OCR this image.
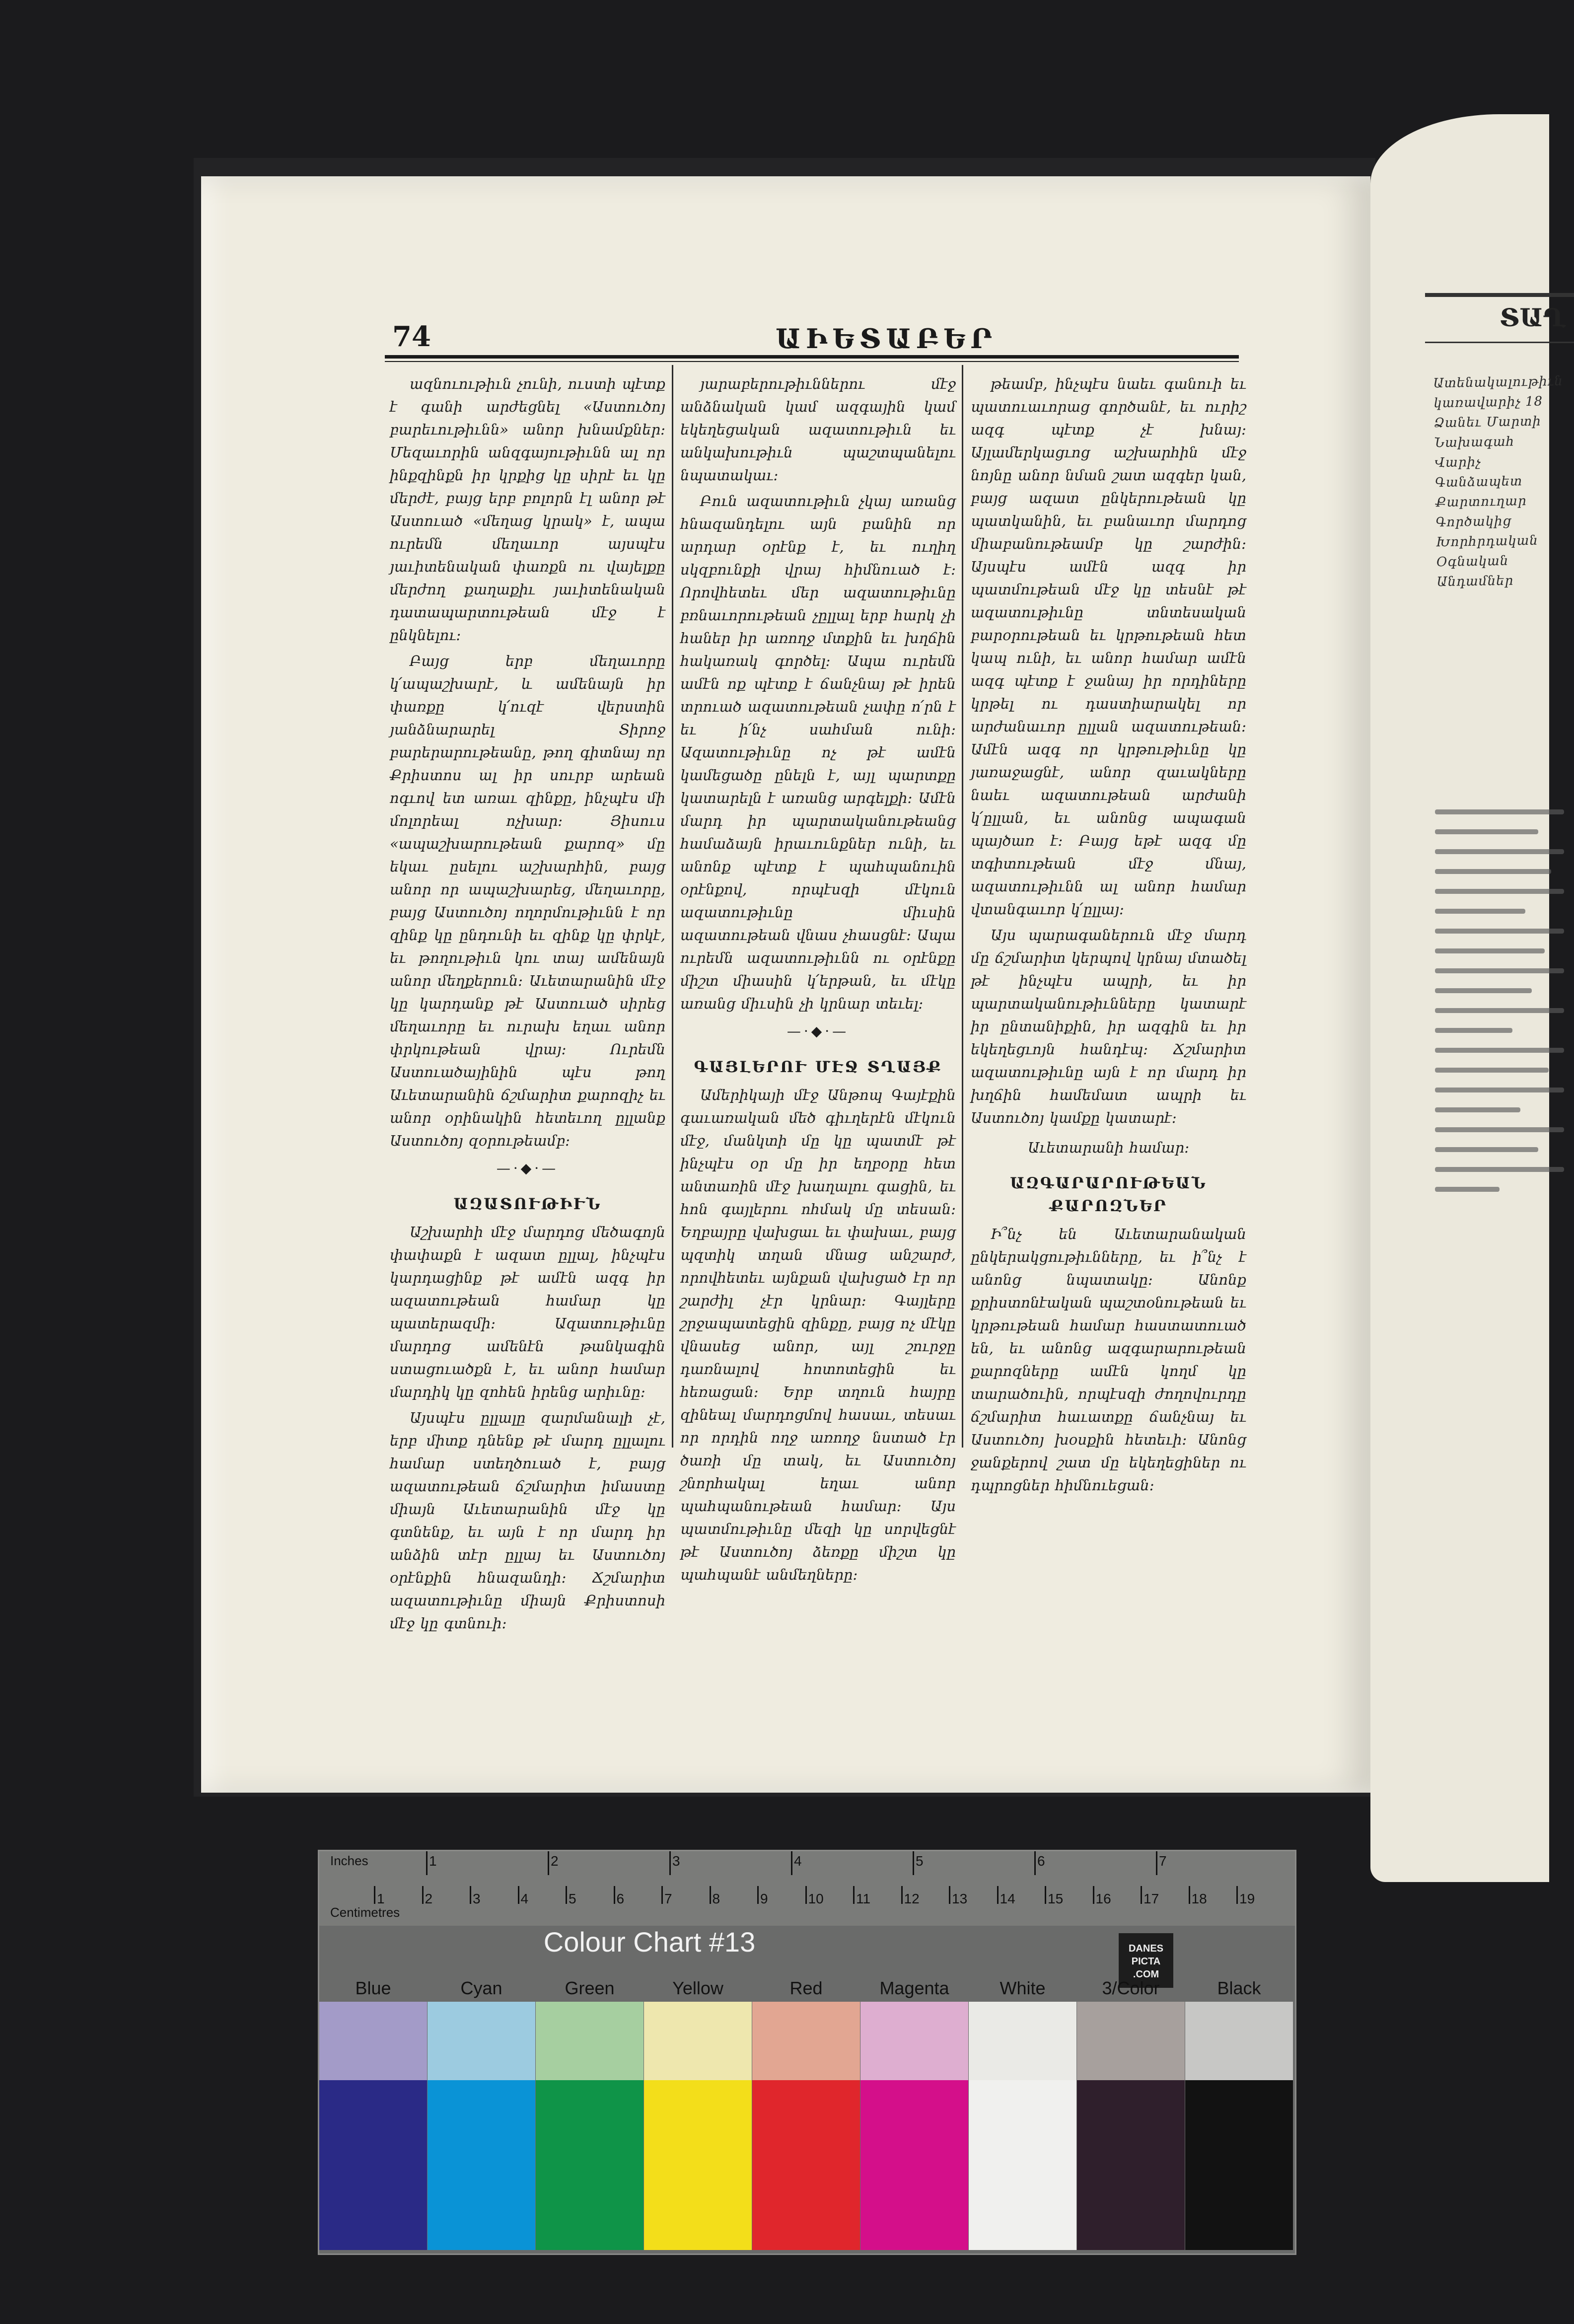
ՏԱՂ
Ատենակալութիւն կառավարիչ 18 Ձանեւ Մարտի Նախագահ Վարիչ Գանձապետ Քարտուղար Գործակից Խորհրդական Օգնական Անդամներ
74	ԱԻԵՏԱԲԵՐ

ազնուութիւն չունի, ուստի պէտք է գանի արժեցնել «Աստուծոյ բարեւութիւնն» անոր խնամքներ։ Մեզաւորին անզգայութիւնն ալ որ ինքզինքն իր կրքից կը սիրէ եւ կը մերժէ, բայց երբ բոլորն էլ անոր թէ Աստուած «մեղաց կրակ» է, ապա ուրեմն մեղաւոր այսպէս յաւիտենական փառքն ու վայելքը մերժող քաղաքիւ յաւիտենական դատապարտութեան մէջ է ընկնելու։

Բայց երբ մեղաւորը կ՛ապաշխարէ, և ամենայն իր փառքը կ՛ուզէ վերստին յանձնարարել Տիրոջ բարերարութեանը, թող գիտնայ որ Քրիստոս ալ իր սուրբ արեան ոգւով ետ առաւ զինքը, ինչպէս մի մոլորեալ ոչխար։ Յիսուս «ապաշխարութեան քարոզ» մը եկաւ ըսելու աշխարհին, բայց անոր որ ապաշխարեց, մեղաւորը, բայց Աստուծոյ ողորմութիւնն է որ զինք կը ընդունի եւ զինք կը փրկէ, եւ թողութիւն կու տայ ամենայն անոր մեղքերուն։ Աւետարանին մէջ կը կարդանք թէ Աստուած սիրեց մեղաւորը եւ ուրախ եղաւ անոր փրկութեան վրայ։ Ուրեմն Աստուածայինին պէս թող Աւետարանին ճշմարիտ քարոզիչ եւ անոր օրինակին հետեւող ըլլանք Աստուծոյ զօրութեամբ։

—·◆·—
ԱԶԱՏՈՒԹԻՒՆ

Աշխարհի մէջ մարդոց մեծագոյն փափաքն է ազատ ըլլալ, ինչպէս կարդացինք թէ ամէն ազգ իր ազատութեան համար կը պատերազմի։ Ազատութիւնը մարդոց ամենէն թանկագին ստացուածքն է, եւ անոր համար մարդիկ կը զոհեն իրենց արիւնը։

Այսպէս ըլլալը զարմանալի չէ, երբ միտք դնենք թէ մարդ ըլլալու համար ստեղծուած է, բայց ազատութեան ճշմարիտ իմաստը միայն Աւետարանին մէջ կը գտնենք, եւ այն է որ մարդ իր անձին տէր ըլլայ եւ Աստուծոյ օրէնքին հնազանդի։ Ճշմարիտ ազատութիւնը միայն Քրիստոսի մէջ կը գտնուի։

յարաբերութիւններու մէջ անձնական կամ ազգային կամ եկեղեցական ազատութիւն եւ անկախութիւն պաշտպանելու նպատակաւ։

Բուն ազատութիւն չկայ առանց հնազանդելու այն բանին որ արդար օրէնք է, եւ ուղիղ սկզբունքի վրայ հիմնուած է։ Որովհետեւ մեր ազատութիւնը բռնաւորութեան չըլլալ երբ հարկ չի հաներ իր առողջ մտքին եւ խղճին հակառակ գործել։ Ապա ուրեմն ամէն ոք պէտք է ճանչնայ թէ իրեն տրուած ազատութեան չափը ո՛րն է եւ ի՛նչ սահման ունի։ Ազատութիւնը ոչ թէ ամէն կամեցածը ընելն է, այլ պարտքը կատարելն է առանց արգելքի։ Ամէն մարդ իր պարտականութեանց համաձայն իրաւունքներ ունի, եւ անոնք պէտք է պահպանուին օրէնքով, որպէսզի մէկուն ազատութիւնը միւսին ազատութեան վնաս չհասցնէ։ Ապա ուրեմն ազատութիւնն ու օրէնքը միշտ միասին կ՛երթան, եւ մէկը առանց միւսին չի կրնար տեւել։

—·◆·—
ԳԱՅԼԵՐՈՒ ՄԷՋ ՏՂԱՅՔ

Ամերիկայի մէջ Անթոպ Գայէքին գաւառական մեծ գիւղերէն մէկուն մէջ, մանկտի մը կը պատմէ թէ ինչպէս օր մը իր եղբօրը հետ անտառին մէջ խաղալու գացին, եւ հոն գայլերու ոհմակ մը տեսան։ Եղբայրը վախցաւ եւ փախաւ, բայց պզտիկ տղան մնաց անշարժ, որովհետեւ այնքան վախցած էր որ շարժիլ չէր կրնար։ Գայլերը շրջապատեցին զինքը, բայց ոչ մէկը վնասեց անոր, այլ շուրջը դառնալով հոտոտեցին եւ հեռացան։ Երբ տղուն հայրը զինեալ մարդոցմով հասաւ, տեսաւ որ որդին ողջ առողջ նստած էր ծառի մը տակ, եւ Աստուծոյ շնորհակալ եղաւ անոր պահպանութեան համար։ Այս պատմութիւնը մեզի կը սորվեցնէ թէ Աստուծոյ ձեռքը միշտ կը պահպանէ անմեղները։

թեամբ, ինչպէս նաեւ գանուի եւ պատուաւորաց գործանէ, եւ ուրիշ ազգ պէտք չէ խնայ։ Այլամերկացւոց աշխարհին մէջ նոյնը անոր նման շատ ազգեր կան, բայց ազատ ընկերութեան կը պատկանին, եւ բանաւոր մարդոց միաբանութեամբ կը շարժին։ Այսպէս ամէն ազգ իր պատմութեան մէջ կը տեսնէ թէ ազատութիւնը տնտեսական բարօրութեան եւ կրթութեան հետ կապ ունի, եւ անոր համար ամէն ազգ պէտք է ջանայ իր որդիները կրթել ու դաստիարակել որ արժանաւոր ըլլան ազատութեան։ Ամէն ազգ որ կրթութիւնը կը յառաջացնէ, անոր զաւակները նաեւ ազատութեան արժանի կ՛ըլլան, եւ անոնց ապագան պայծառ է։ Բայց եթէ ազգ մը տգիտութեան մէջ մնայ, ազատութիւնն ալ անոր համար վտանգաւոր կ՛ըլլայ։

Այս պարագաներուն մէջ մարդ մը ճշմարիտ կերպով կրնայ մտածել թէ ինչպէս ապրի, եւ իր պարտականութիւնները կատարէ իր ընտանիքին, իր ազգին եւ իր եկեղեցւոյն հանդէպ։ Ճշմարիտ ազատութիւնը այն է որ մարդ իր խղճին համեմատ ապրի եւ Աստուծոյ կամքը կատարէ։

Աւետարանի համար։
ԱԶԳԱՐԱՐՈՒԹԵԱՆ ՔԱՐՈԶՆԵՐ

Ի՞նչ են Աւետարանական ընկերակցութիւնները, եւ ի՞նչ է անոնց նպատակը։ Անոնք քրիստոնէական պաշտօնութեան եւ կրթութեան համար հաստատուած են, եւ անոնց ազգարարութեան քարոզները ամէն կողմ կը տարածուին, որպէսզի ժողովուրդը ճշմարիտ հաւատքը ճանչնայ եւ Աստուծոյ խօսքին հետեւի։ Անոնց ջանքերով շատ մը եկեղեցիներ ու դպրոցներ հիմնուեցան։

Inches
Centimetres
1	2	3	4	5	6	7	8	9	10 11 12 13 14 15 16 17 18 19
1	2	3	4	5	6	7
Colour Chart #13	DANES PICTA .COM
Blue	Cyan	Green	Yellow	Red	Magenta	White	3/Color	Black
